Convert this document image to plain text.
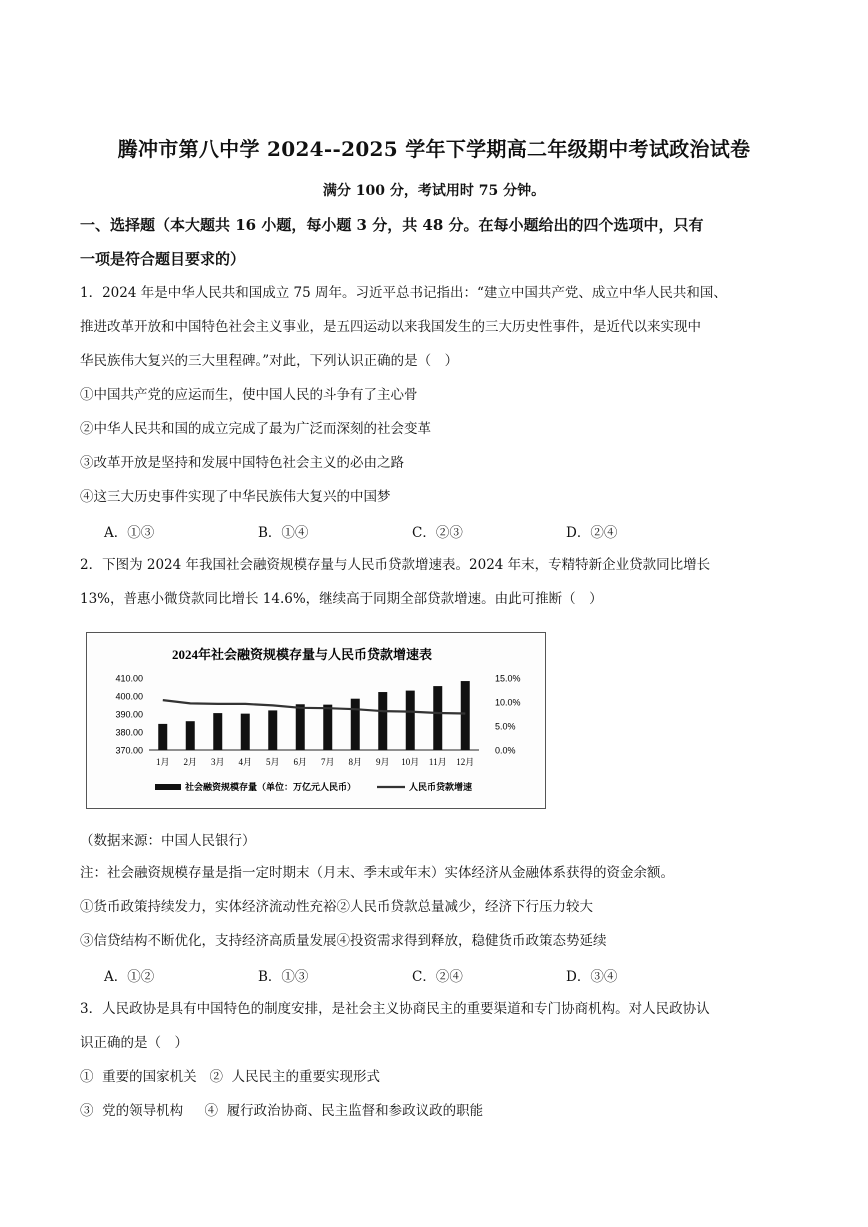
腾冲市第八中学 2024--2025 学年下学期高二年级期中考试政治试卷
满分 100 分，考试用时 75 分钟。
一、选择题（本大题共 16 小题，每小题 3 分，共 48 分。在每小题给出的四个选项中，只有
一项是符合题目要求的）
1．2024 年是中华人民共和国成立 75 周年。习近平总书记指出：“建立中国共产党、成立中华人民共和国、
推进改革开放和中国特色社会主义事业，是五四运动以来我国发生的三大历史性事件，是近代以来实现中
华民族伟大复兴的三大里程碑。”对此，下列认识正确的是（　）
①中国共产党的应运而生，使中国人民的斗争有了主心骨
②中华人民共和国的成立完成了最为广泛而深刻的社会变革
③改革开放是坚持和发展中国特色社会主义的必由之路
④这三大历史事件实现了中华民族伟大复兴的中国梦
A．①③	B．①④	C．②③	D．②④
2．下图为 2024 年我国社会融资规模存量与人民币贷款增速表。2024 年末，专精特新企业贷款同比增长
13%，普惠小微贷款同比增长 14.6%，继续高于同期全部贷款增速。由此可推断（　）
2024年社会融资规模存量与人民币贷款增速表
410.00
400.00
390.00
380.00
370.00
15.0%
10.0%
5.0%
0.0%
1月 2月 3月 4月 5月 6月 7月 8月 9月 10月 11月 12月
社会融资规模存量（单位：万亿元人民币）	人民币贷款增速
（数据来源：中国人民银行）
注：社会融资规模存量是指一定时期末（月末、季末或年末）实体经济从金融体系获得的资金余额。
①货币政策持续发力，实体经济流动性充裕②人民币贷款总量减少，经济下行压力较大
③信贷结构不断优化，支持经济高质量发展④投资需求得到释放，稳健货币政策态势延续
A．①②	B．①③	C．②④	D．③④
3．人民政协是具有中国特色的制度安排，是社会主义协商民主的重要渠道和专门协商机构。对人民政协认
识正确的是（　）
①  重要的国家机关   ②  人民民主的重要实现形式
③  党的领导机构     ④  履行政治协商、民主监督和参政议政的职能
